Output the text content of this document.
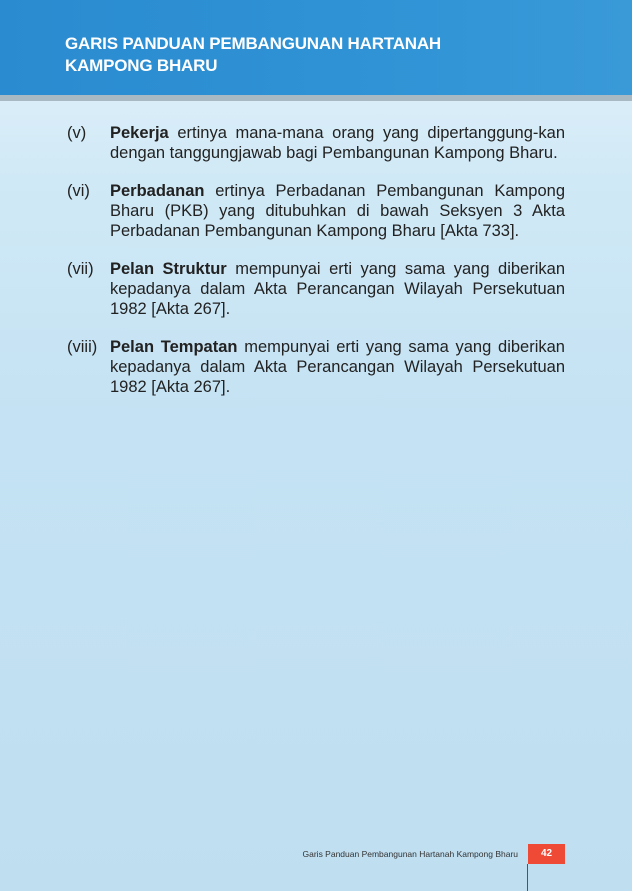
GARIS PANDUAN PEMBANGUNAN HARTANAH
KAMPONG BHARU
(v)	Pekerja ertinya mana-mana orang yang dipertanggung-kan dengan tanggungjawab bagi Pembangunan Kampong Bharu.
(vi)	Perbadanan ertinya Perbadanan Pembangunan Kampong Bharu (PKB) yang ditubuhkan di bawah Seksyen 3 Akta Perbadanan Pembangunan Kampong Bharu [Akta 733].
(vii) Pelan Struktur mempunyai erti yang sama yang diberikan kepadanya dalam Akta Perancangan Wilayah Persekutuan 1982 [Akta 267].
(viii) Pelan Tempatan mempunyai erti yang sama yang diberikan kepadanya dalam Akta Perancangan Wilayah Persekutuan 1982 [Akta 267].
Garis Panduan Pembangunan Hartanah Kampong Bharu	42
